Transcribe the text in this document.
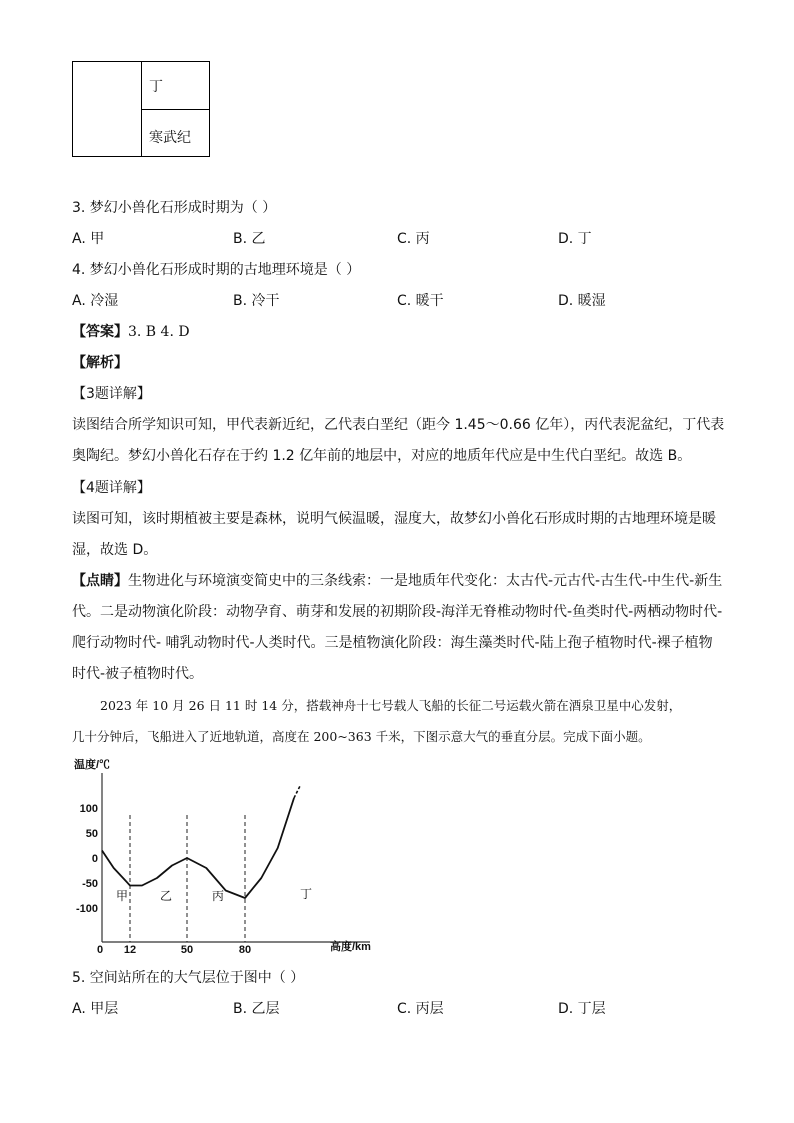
丁
寒武纪
3. 梦幻小兽化石形成时期为（ ）
A. 甲	B. 乙	C. 丙	D. 丁
4. 梦幻小兽化石形成时期的古地理环境是（ ）
A. 冷湿	B. 冷干	C. 暖干	D. 暖湿
【答案】3. B 4. D
【解析】
【3题详解】
读图结合所学知识可知，甲代表新近纪，乙代表白垩纪（距今 1.45～0.66 亿年），丙代表泥盆纪，丁代表
奥陶纪。梦幻小兽化石存在于约 1.2 亿年前的地层中，对应的地质年代应是中生代白垩纪。故选 B。
【4题详解】
读图可知，该时期植被主要是森林，说明气候温暖，湿度大，故梦幻小兽化石形成时期的古地理环境是暖
湿，故选 D。
【点睛】生物进化与环境演变简史中的三条线索：一是地质年代变化：太古代-元古代-古生代-中生代-新生
代。二是动物演化阶段：动物孕育、萌芽和发展的初期阶段-海洋无脊椎动物时代-鱼类时代-两栖动物时代-
爬行动物时代- 哺乳动物时代-人类时代。三是植物演化阶段：海生藻类时代-陆上孢子植物时代-裸子植物
时代-被子植物时代。
2023 年 10 月 26 日 11 时 14 分，搭载神舟十七号载人飞船的长征二号运载火箭在酒泉卫星中心发射，
几十分钟后，飞船进入了近地轨道，高度在 200~363 千米，下图示意大气的垂直分层。完成下面小题。
温度/℃
高度/km
100
50
0
-50
-100
0 12	50	80
甲	乙	丙	丁
5. 空间站所在的大气层位于图中（ ）
A. 甲层	B. 乙层	C. 丙层	D. 丁层
